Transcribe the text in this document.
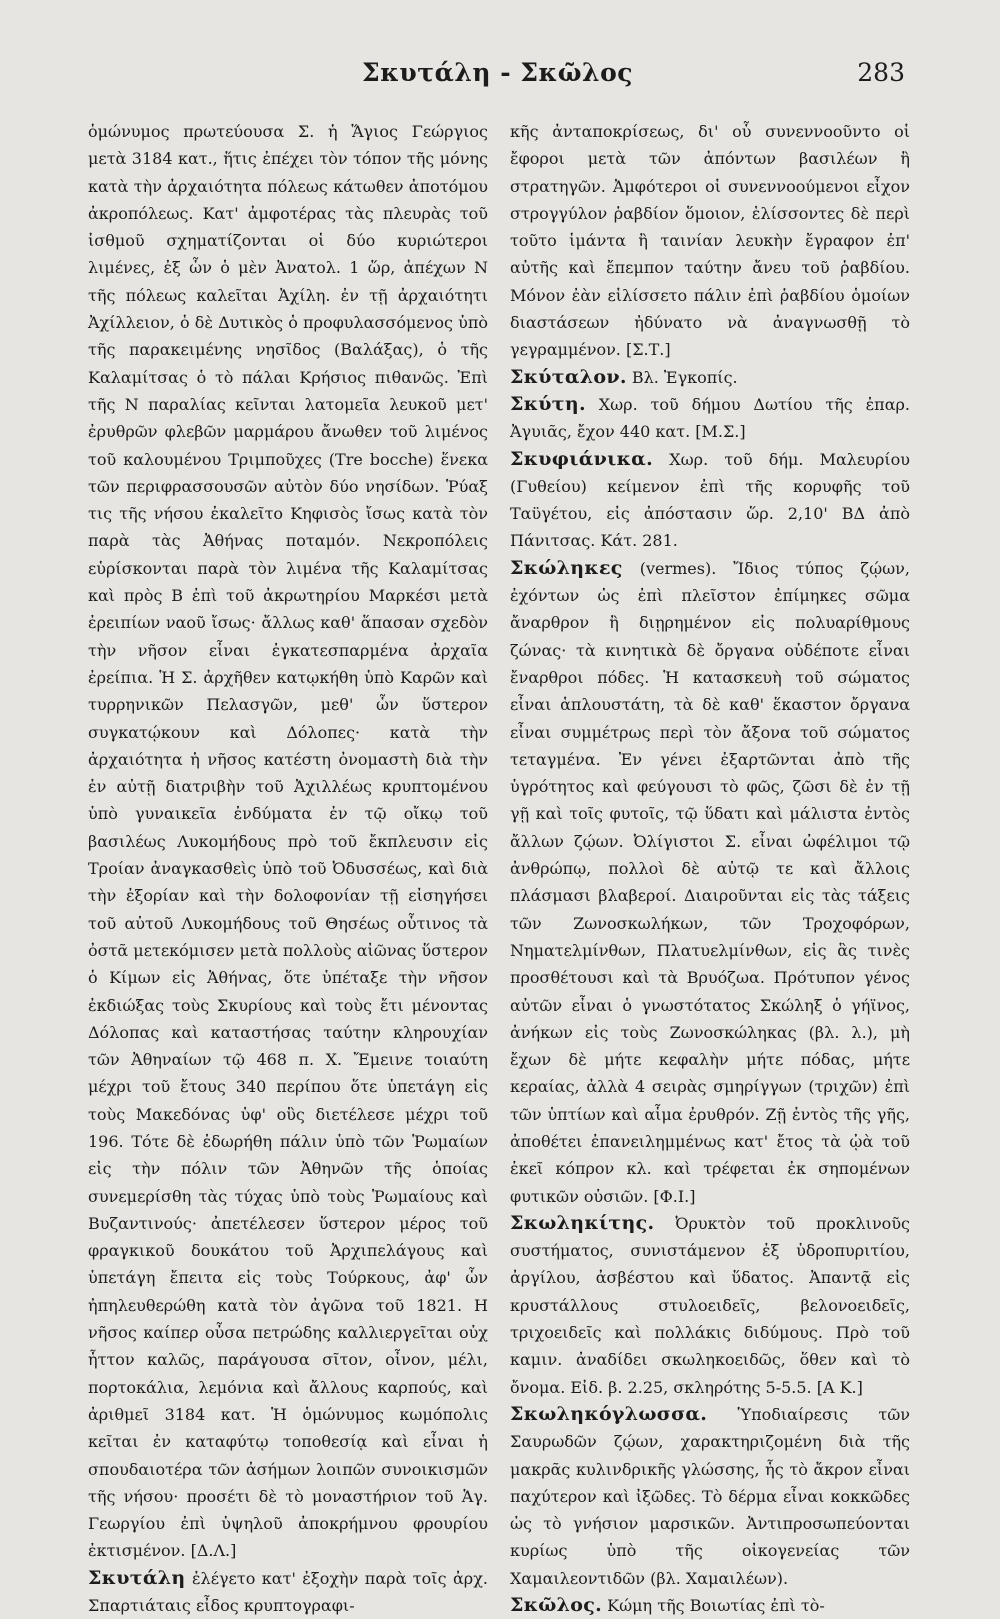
Σκυτάλη - Σκῶλος	283

ὁμώνυμος πρωτεύουσα Σ. ἡ Ἅγιος Γεώργιος μετὰ 3184 κατ., ἥτις ἐπέχει τὸν τόπον τῆς μόνης κατὰ τὴν ἀρχαιότητα πόλεως κάτωθεν ἀποτόμου ἀκροπόλεως. Κατ' ἀμφοτέρας τὰς πλευρὰς τοῦ ἰσθμοῦ σχηματίζονται οἱ δύο κυριώτεροι λιμένες, ἐξ ὧν ὁ μὲν Ἀνατολ. 1 ὥρ, ἀπέχων Ν τῆς πόλεως καλεῖται Ἀχίλη. ἐν τῇ ἀρχαιότητι Ἀχίλλειον, ὁ δὲ Δυτικὸς ὁ προφυλασσόμενος ὑπὸ τῆς παρακειμένης νησῖδος (Βαλάξας), ὁ τῆς Καλαμίτσας ὁ τὸ πάλαι Κρήσιος πιθανῶς. Ἐπὶ τῆς Ν παραλίας κεῖνται λατομεῖα λευκοῦ μετ' ἐρυθρῶν φλεβῶν μαρμάρου ἄνωθεν τοῦ λιμένος τοῦ καλουμένου Τριμποῦχες (Tre bocche) ἕνεκα τῶν περιφρασσουσῶν αὐτὸν δύο νησίδων. Ῥύαξ τις τῆς νήσου ἐκαλεῖτο Κηφισὸς ἴσως κατὰ τὸν παρὰ τὰς Ἀθήνας ποταμόν. Νεκροπόλεις εὑρίσκονται παρὰ τὸν λιμένα τῆς Καλαμίτσας καὶ πρὸς Β ἐπὶ τοῦ ἀκρωτηρίου Μαρκέσι μετὰ ἐρειπίων ναοῦ ἴσως· ἄλλως καθ' ἅπασαν σχεδὸν τὴν νῆσον εἶναι ἐγκατεσπαρμένα ἀρχαῖα ἐρείπια. Ἡ Σ. ἀρχῆθεν κατῳκήθη ὑπὸ Καρῶν καὶ τυρρηνικῶν Πελασγῶν, μεθ' ὧν ὕστερον συγκατῴκουν καὶ Δόλοπες· κατὰ τὴν ἀρχαιότητα ἡ νῆσος κατέστη ὀνομαστὴ διὰ τὴν ἐν αὐτῇ διατριβὴν τοῦ Ἀχιλλέως κρυπτομένου ὑπὸ γυναικεῖα ἐνδύματα ἐν τῷ οἴκῳ τοῦ βασιλέως Λυκομήδους πρὸ τοῦ ἔκπλευσιν εἰς Τροίαν ἀναγκασθεὶς ὑπὸ τοῦ Ὀδυσσέως, καὶ διὰ τὴν ἐξορίαν καὶ τὴν δολοφονίαν τῇ εἰσηγήσει τοῦ αὐτοῦ Λυκομήδους τοῦ Θησέως οὗτινος τὰ ὀστᾶ μετεκόμισεν μετὰ πολλοὺς αἰῶνας ὕστερον ὁ Κίμων εἰς Ἀθήνας, ὅτε ὑπέταξε τὴν νῆσον ἐκδιώξας τοὺς Σκυρίους καὶ τοὺς ἔτι μένοντας Δόλοπας καὶ καταστήσας ταύτην κληρουχίαν τῶν Ἀθηναίων τῷ 468 π. Χ. Ἔμεινε τοιαύτη μέχρι τοῦ ἔτους 340 περίπου ὅτε ὑπετάγη εἰς τοὺς Μακεδόνας ὑφ' οὓς διετέλεσε μέχρι τοῦ 196. Τότε δὲ ἐδωρήθη πάλιν ὑπὸ τῶν Ῥωμαίων εἰς τὴν πόλιν τῶν Ἀθηνῶν τῆς ὁποίας συνεμερίσθη τὰς τύχας ὑπὸ τοὺς Ῥωμαίους καὶ Βυζαντινούς· ἀπετέλεσεν ὕστερον μέρος τοῦ φραγκικοῦ δουκάτου τοῦ Ἀρχιπελάγους καὶ ὑπετάγη ἔπειτα εἰς τοὺς Τούρκους, ἀφ' ὧν ἠπηλευθερώθη κατὰ τὸν ἀγῶνα τοῦ 1821. Η νῆσος καίπερ οὖσα πετρώδης καλλιεργεῖται οὐχ ἧττον καλῶς, παράγουσα σῖτον, οἶνον, μέλι, πορτοκάλια, λεμόνια καὶ ἄλλους καρπούς, καὶ ἀριθμεῖ 3184 κατ. Ἡ ὁμώνυμος κωμόπολις κεῖται ἐν καταφύτῳ τοποθεσίᾳ καὶ εἶναι ἡ σπουδαιοτέρα τῶν ἀσήμων λοιπῶν συνοικισμῶν τῆς νήσου· προσέτι δὲ τὸ μοναστήριον τοῦ Ἁγ. Γεωργίου ἐπὶ ὑψηλοῦ ἀποκρήμνου φρουρίου ἐκτισμένον. [Δ.Λ.]

Σκυτάλη ἐλέγετο κατ' ἐξοχὴν παρὰ τοῖς ἀρχ. Σπαρτιάταις εἶδος κρυπτογραφι-

κῆς ἀνταποκρίσεως, δι' οὗ συνεννοοῦντο οἱ ἔφοροι μετὰ τῶν ἀπόντων βασιλέων ἢ στρατηγῶν. Ἀμφότεροι οἱ συνεννοούμενοι εἶχον στρογγύλον ῥαβδίον ὅμοιον, ἑλίσσοντες δὲ περὶ τοῦτο ἱμάντα ἢ ταινίαν λευκὴν ἔγραφον ἐπ' αὐτῆς καὶ ἔπεμπον ταύτην ἄνευ τοῦ ῥαβδίου. Μόνον ἐὰν εἱλίσσετο πάλιν ἐπὶ ῥαβδίου ὁμοίων διαστάσεων ἠδύνατο νὰ ἀναγνωσθῇ τὸ γεγραμμένον. [Σ.Τ.]

Σκύταλον. Βλ. Ἐγκοπίς.

Σκύτη. Χωρ. τοῦ δήμου Δωτίου τῆς ἐπαρ. Ἀγυιᾶς, ἔχον 440 κατ. [Μ.Σ.]

Σκυφιάνικα. Χωρ. τοῦ δήμ. Μαλευρίου (Γυθείου) κείμενον ἐπὶ τῆς κορυφῆς τοῦ Ταϋγέτου, εἰς ἀπόστασιν ὥρ. 2,10' ΒΔ ἀπὸ Πάνιτσας. Κάτ. 281.

Σκώληκες (vermes). Ἴδιος τύπος ζῴων, ἐχόντων ὡς ἐπὶ πλεῖστον ἐπίμηκες σῶμα ἄναρθρον ἢ διῃρημένον εἰς πολυαρίθμους ζώνας· τὰ κινητικὰ δὲ ὄργανα οὐδέποτε εἶναι ἔναρθροι πόδες. Ἡ κατασκευὴ τοῦ σώματος εἶναι ἁπλουστάτη, τὰ δὲ καθ' ἕκαστον ὄργανα εἶναι συμμέτρως περὶ τὸν ἄξονα τοῦ σώματος τεταγμένα. Ἐν γένει ἐξαρτῶνται ἀπὸ τῆς ὑγρότητος καὶ φεύγουσι τὸ φῶς, ζῶσι δὲ ἐν τῇ γῇ καὶ τοῖς φυτοῖς, τῷ ὕδατι καὶ μάλιστα ἐντὸς ἄλλων ζῴων. Ὀλίγιστοι Σ. εἶναι ὠφέλιμοι τῷ ἀνθρώπῳ, πολλοὶ δὲ αὐτῷ τε καὶ ἄλλοις πλάσμασι βλαβεροί. Διαιροῦνται εἰς τὰς τάξεις τῶν Ζωνοσκωλήκων, τῶν Τροχοφόρων, Νηματελμίνθων, Πλατυελμίνθων, εἰς ἃς τινὲς προσθέτουσι καὶ τὰ Βρυόζωα. Πρότυπον γένος αὐτῶν εἶναι ὁ γνωστότατος Σκώληξ ὁ γήϊνος, ἀνήκων εἰς τοὺς Ζωνοσκώληκας (βλ. λ.), μὴ ἔχων δὲ μήτε κεφαλὴν μήτε πόδας, μήτε κεραίας, ἀλλὰ 4 σειρὰς σμηρίγγων (τριχῶν) ἐπὶ τῶν ὑπτίων καὶ αἷμα ἐρυθρόν. Ζῇ ἐντὸς τῆς γῆς, ἀποθέτει ἐπανειλημμένως κατ' ἔτος τὰ ᾠὰ τοῦ ἐκεῖ κόπρον κλ. καὶ τρέφεται ἐκ σηπομένων φυτικῶν οὐσιῶν. [Φ.Ι.]

Σκωληκίτης. Ὀρυκτὸν τοῦ προκλινοῦς συστήματος, συνιστάμενον ἐξ ὑδροπυριτίου, ἀργίλου, ἀσβέστου καὶ ὕδατος. Ἀπαντᾷ εἰς κρυστάλλους στυλοειδεῖς, βελονοειδεῖς, τριχοειδεῖς καὶ πολλάκις διδύμους. Πρὸ τοῦ καμιν. ἀναδίδει σκωληκοειδῶς, ὅθεν καὶ τὸ ὄνομα. Εἰδ. β. 2.25, σκληρότης 5-5.5. [Α Κ.]

Σκωληκόγλωσσα. Ὑποδιαίρεσις τῶν Σαυρωδῶν ζῴων, χαρακτηριζομένη διὰ τῆς μακρᾶς κυλινδρικῆς γλώσσης, ἧς τὸ ἄκρον εἶναι παχύτερον καὶ ἰξῶδες. Τὸ δέρμα εἶναι κοκκῶδες ὡς τὸ γνήσιον μαρσικῶν. Ἀντιπροσωπεύονται κυρίως ὑπὸ τῆς οἰκογενείας τῶν Χαμαιλεοντιδῶν (βλ. Χαμαιλέων).

Σκῶλος. Κώμη τῆς Βοιωτίας ἐπὶ τὸ-
